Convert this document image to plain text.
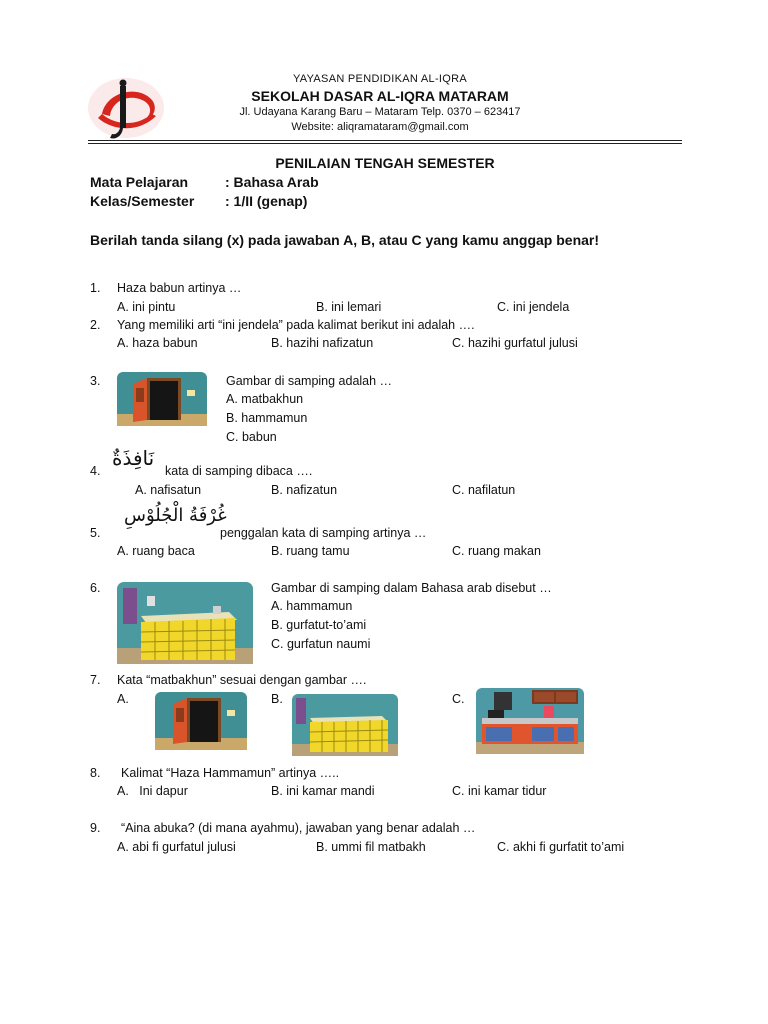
YAYASAN PENDIDIKAN AL-IQRA
SEKOLAH DASAR AL-IQRA MATARAM
Jl. Udayana Karang Baru – Mataram Telp. 0370 – 623417
Website: aliqramataram@gmail.com
PENILAIAN TENGAH SEMESTER
Mata Pelajaran	: Bahasa Arab
Kelas/Semester : 1/II (genap)
Berilah tanda silang (x) pada jawaban A, B, atau C yang kamu anggap benar!
1. Haza babun artinya …
A. ini pintu	B. ini lemari	C. ini jendela
2. Yang memiliki arti “ini jendela” pada kalimat berikut ini adalah ….
A. haza babun	B. hazihi nafizatun	C. hazihi gurfatul julusi
3.	Gambar di samping adalah …
A. matbakhun
B. hammamun
C. babun
4.
نَافِذَةٌ
kata di samping dibaca ….
A. nafisatun	B. nafizatun	C. nafilatun
5.
غُرْفَةُ الْجُلُوْسِ
penggalan kata di samping artinya …
A. ruang baca	B. ruang tamu	C. ruang makan
6.	Gambar di samping dalam Bahasa arab disebut …
A. hammamun
B. gurfatut-to’ami
C. gurfatun naumi
7. Kata “matbakhun” sesuai dengan gambar ….
A.	B.	C.
8. Kalimat “Haza Hammamun” artinya …..
A.   Ini dapur	B. ini kamar mandi	C. ini kamar tidur
9. “Aina abuka? (di mana ayahmu), jawaban yang benar adalah …
A. abi fi gurfatul julusi	B. ummi fil matbakh	C. akhi fi gurfatit to’ami
